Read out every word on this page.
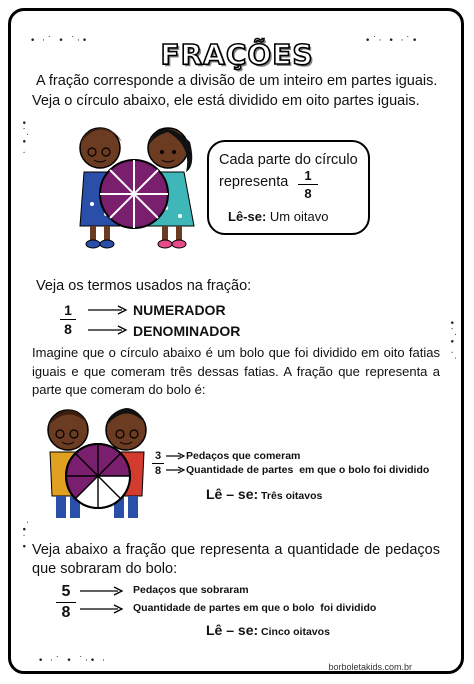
• ·˙ • ˙·•	•˙· • ·˙•
•·˙• ·
•·˙• ·˙
˙•· •
• ·˙ • ˙·• ·
FRAÇÕES
A fração corresponde a divisão de um inteiro em partes iguais.
Veja o círculo abaixo, ele está dividido em oito partes iguais.
Cada parte do círculo
representa	1
8
Lê-se: Um oitavo
Veja os termos usados na fração:
1
8
NUMERADOR
DENOMINADOR
Imagine que o círculo abaixo é um bolo que foi dividido em oito fatias iguais e que comeram três dessas fatias. A fração que representa a parte que comeram do bolo é:
3
8
Pedaços que comeram
Quantidade de partes  em que o bolo foi dividido
Lê – se: Três oitavos
Veja abaixo a fração que representa a quantidade de pedaços que sobraram do bolo:
5
8
Pedaços que sobraram
Quantidade de partes em que o bolo  foi dividido
Lê – se: Cinco oitavos
borboletakids.com.br
